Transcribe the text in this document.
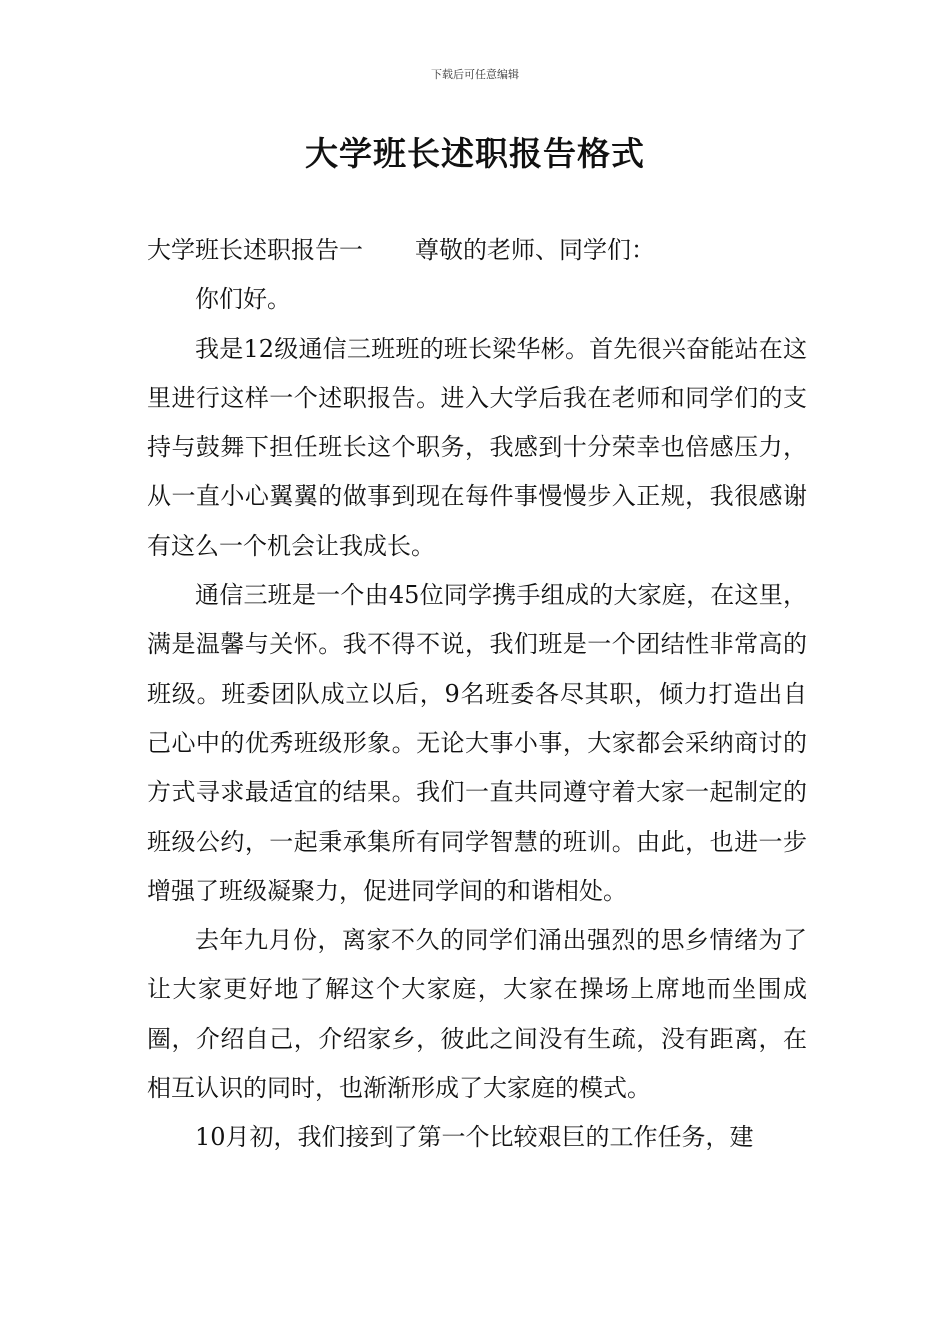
下载后可任意编辑
大学班长述职报告格式

大学班长述职报告一 尊敬的老师、同学们：

你们好。

我是12级通信三班班的班长梁华彬。首先很兴奋能站在这里进行这样一个述职报告。进入大学后我在老师和同学们的支持与鼓舞下担任班长这个职务，我感到十分荣幸也倍感压力，从一直小心翼翼的做事到现在每件事慢慢步入正规，我很感谢有这么一个机会让我成长。

通信三班是一个由45位同学携手组成的大家庭，在这里，满是温馨与关怀。我不得不说，我们班是一个团结性非常高的班级。班委团队成立以后，9名班委各尽其职，倾力打造出自己心中的优秀班级形象。无论大事小事，大家都会采纳商讨的方式寻求最适宜的结果。我们一直共同遵守着大家一起制定的班级公约，一起秉承集所有同学智慧的班训。由此，也进一步增强了班级凝聚力，促进同学间的和谐相处。

去年九月份，离家不久的同学们涌出强烈的思乡情绪为了让大家更好地了解这个大家庭，大家在操场上席地而坐围成圈，介绍自己，介绍家乡，彼此之间没有生疏，没有距离，在相互认识的同时，也渐渐形成了大家庭的模式。

10月初，我们接到了第一个比较艰巨的工作任务，建
